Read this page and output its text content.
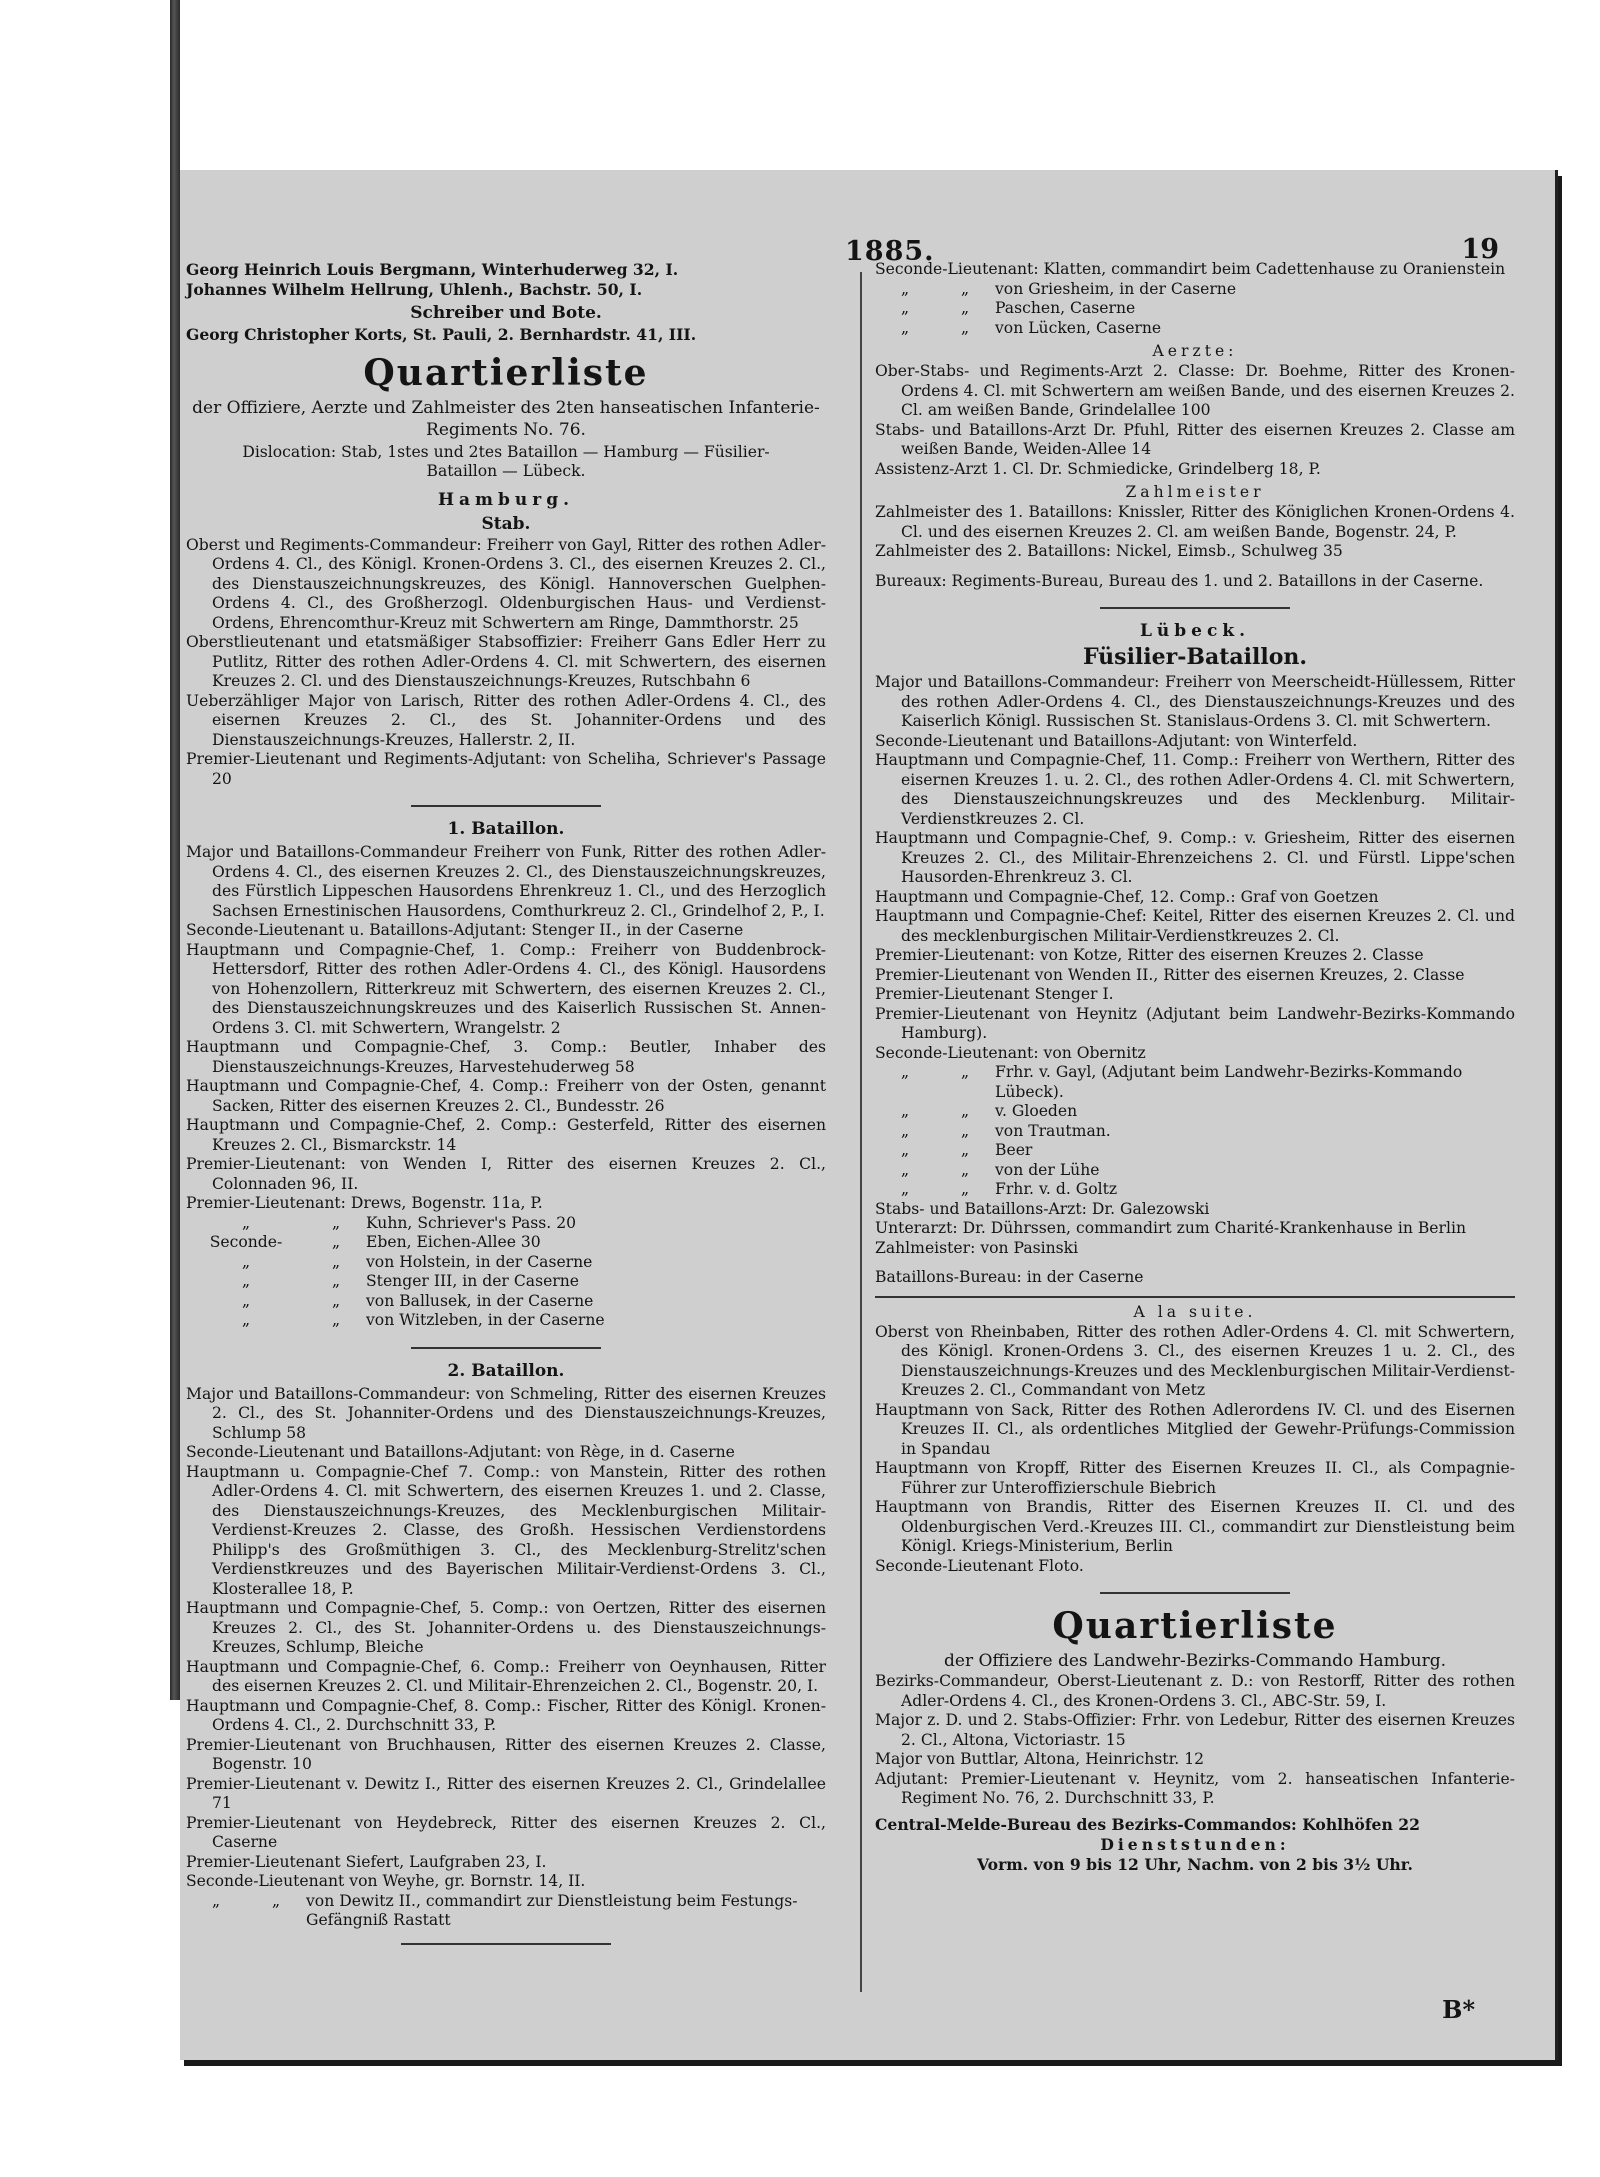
1885.	19

Georg Heinrich Louis Bergmann, Winterhuderweg 32, I.

Johannes Wilhelm Hellrung, Uhlenh., Bachstr. 50, I.

Schreiber und Bote.

Georg Christopher Korts, St. Pauli, 2. Bernhardstr. 41, III.

Quartierliste

der Offiziere, Aerzte und Zahlmeister des 2ten hanseatischen Infanterie-Regiments No. 76.

Dislocation: Stab, 1stes und 2tes Bataillon — Hamburg — Füsilier-Bataillon — Lübeck.

Hamburg.

Stab.

Oberst und Regiments-Commandeur: Freiherr von Gayl, Ritter des rothen Adler-Ordens 4. Cl., des Königl. Kronen-Ordens 3. Cl., des eisernen Kreuzes 2. Cl., des Dienstauszeichnungskreuzes, des Königl. Hannoverschen Guelphen-Ordens 4. Cl., des Großherzogl. Oldenburgischen Haus- und Verdienst-Ordens, Ehrencomthur-Kreuz mit Schwertern am Ringe, Dammthorstr. 25

Oberstlieutenant und etatsmäßiger Stabsoffizier: Freiherr Gans Edler Herr zu Putlitz, Ritter des rothen Adler-Ordens 4. Cl. mit Schwertern, des eisernen Kreuzes 2. Cl. und des Dienstauszeichnungs-Kreuzes, Rutschbahn 6

Ueberzähliger Major von Larisch, Ritter des rothen Adler-Ordens 4. Cl., des eisernen Kreuzes 2. Cl., des St. Johanniter-Ordens und des Dienstauszeichnungs-Kreuzes, Hallerstr. 2, II.

Premier-Lieutenant und Regiments-Adjutant: von Scheliha, Schriever's Passage 20

1. Bataillon.

Major und Bataillons-Commandeur Freiherr von Funk, Ritter des rothen Adler-Ordens 4. Cl., des eisernen Kreuzes 2. Cl., des Dienstauszeichnungskreuzes, des Fürstlich Lippeschen Hausordens Ehrenkreuz 1. Cl., und des Herzoglich Sachsen Ernestinischen Hausordens, Comthurkreuz 2. Cl., Grindelhof 2, P., I.

Seconde-Lieutenant u. Bataillons-Adjutant: Stenger II., in der Caserne

Hauptmann und Compagnie-Chef, 1. Comp.: Freiherr von Buddenbrock-Hettersdorf, Ritter des rothen Adler-Ordens 4. Cl., des Königl. Hausordens von Hohenzollern, Ritterkreuz mit Schwertern, des eisernen Kreuzes 2. Cl., des Dienstauszeichnungskreuzes und des Kaiserlich Russischen St. Annen-Ordens 3. Cl. mit Schwertern, Wrangelstr. 2

Hauptmann und Compagnie-Chef, 3. Comp.: Beutler, Inhaber des Dienstauszeichnungs-Kreuzes, Harvestehuderweg 58

Hauptmann und Compagnie-Chef, 4. Comp.: Freiherr von der Osten, genannt Sacken, Ritter des eisernen Kreuzes 2. Cl., Bundesstr. 26

Hauptmann und Compagnie-Chef, 2. Comp.: Gesterfeld, Ritter des eisernen Kreuzes 2. Cl., Bismarckstr. 14

Premier-Lieutenant: von Wenden I, Ritter des eisernen Kreuzes 2. Cl., Colonnaden 96, II.

Premier-Lieutenant: Drews, Bogenstr. 11a, P.

„	„	Kuhn, Schriever's Pass. 20
Seconde-	„	Eben, Eichen-Allee 30
„	„	von Holstein, in der Caserne
„	„	Stenger III, in der Caserne
„	„	von Ballusek, in der Caserne
„	„	von Witzleben, in der Caserne

2. Bataillon.

Major und Bataillons-Commandeur: von Schmeling, Ritter des eisernen Kreuzes 2. Cl., des St. Johanniter-Ordens und des Dienstauszeichnungs-Kreuzes, Schlump 58

Seconde-Lieutenant und Bataillons-Adjutant: von Rège, in d. Caserne

Hauptmann u. Compagnie-Chef 7. Comp.: von Manstein, Ritter des rothen Adler-Ordens 4. Cl. mit Schwertern, des eisernen Kreuzes 1. und 2. Classe, des Dienstauszeichnungs-Kreuzes, des Mecklenburgischen Militair-Verdienst-Kreuzes 2. Classe, des Großh. Hessischen Verdienstordens Philipp's des Großmüthigen 3. Cl., des Mecklenburg-Strelitz'schen Verdienstkreuzes und des Bayerischen Militair-Verdienst-Ordens 3. Cl., Klosterallee 18, P.

Hauptmann und Compagnie-Chef, 5. Comp.: von Oertzen, Ritter des eisernen Kreuzes 2. Cl., des St. Johanniter-Ordens u. des Dienstauszeichnungs-Kreuzes, Schlump, Bleiche

Hauptmann und Compagnie-Chef, 6. Comp.: Freiherr von Oeynhausen, Ritter des eisernen Kreuzes 2. Cl. und Militair-Ehrenzeichen 2. Cl., Bogenstr. 20, I.

Hauptmann und Compagnie-Chef, 8. Comp.: Fischer, Ritter des Königl. Kronen-Ordens 4. Cl., 2. Durchschnitt 33, P.

Premier-Lieutenant von Bruchhausen, Ritter des eisernen Kreuzes 2. Classe, Bogenstr. 10

Premier-Lieutenant v. Dewitz I., Ritter des eisernen Kreuzes 2. Cl., Grindelallee 71

Premier-Lieutenant von Heydebreck, Ritter des eisernen Kreuzes 2. Cl., Caserne

Premier-Lieutenant Siefert, Laufgraben 23, I.

Seconde-Lieutenant von Weyhe, gr. Bornstr. 14, II.

„	„	von Dewitz II., commandirt zur Dienstleistung beim Festungs-Gefängniß Rastatt

Seconde-Lieutenant: Klatten, commandirt beim Cadettenhause zu Oranienstein

„	„	von Griesheim, in der Caserne
„	„	Paschen, Caserne
„	„	von Lücken, Caserne

Aerzte:

Ober-Stabs- und Regiments-Arzt 2. Classe: Dr. Boehme, Ritter des Kronen-Ordens 4. Cl. mit Schwertern am weißen Bande, und des eisernen Kreuzes 2. Cl. am weißen Bande, Grindelallee 100

Stabs- und Bataillons-Arzt Dr. Pfuhl, Ritter des eisernen Kreuzes 2. Classe am weißen Bande, Weiden-Allee 14

Assistenz-Arzt 1. Cl. Dr. Schmiedicke, Grindelberg 18, P.

Zahlmeister

Zahlmeister des 1. Bataillons: Knissler, Ritter des Königlichen Kronen-Ordens 4. Cl. und des eisernen Kreuzes 2. Cl. am weißen Bande, Bogenstr. 24, P.

Zahlmeister des 2. Bataillons: Nickel, Eimsb., Schulweg 35

Bureaux: Regiments-Bureau, Bureau des 1. und 2. Bataillons in der Caserne.

Lübeck.

Füsilier-Bataillon.

Major und Bataillons-Commandeur: Freiherr von Meerscheidt-Hüllessem, Ritter des rothen Adler-Ordens 4. Cl., des Dienstauszeichnungs-Kreuzes und des Kaiserlich Königl. Russischen St. Stanislaus-Ordens 3. Cl. mit Schwertern.

Seconde-Lieutenant und Bataillons-Adjutant: von Winterfeld.

Hauptmann und Compagnie-Chef, 11. Comp.: Freiherr von Werthern, Ritter des eisernen Kreuzes 1. u. 2. Cl., des rothen Adler-Ordens 4. Cl. mit Schwertern, des Dienstauszeichnungskreuzes und des Mecklenburg. Militair-Verdienstkreuzes 2. Cl.

Hauptmann und Compagnie-Chef, 9. Comp.: v. Griesheim, Ritter des eisernen Kreuzes 2. Cl., des Militair-Ehrenzeichens 2. Cl. und Fürstl. Lippe'schen Hausorden-Ehrenkreuz 3. Cl.

Hauptmann und Compagnie-Chef, 12. Comp.: Graf von Goetzen

Hauptmann und Compagnie-Chef: Keitel, Ritter des eisernen Kreuzes 2. Cl. und des mecklenburgischen Militair-Verdienstkreuzes 2. Cl.

Premier-Lieutenant: von Kotze, Ritter des eisernen Kreuzes 2. Classe

Premier-Lieutenant von Wenden II., Ritter des eisernen Kreuzes, 2. Classe

Premier-Lieutenant Stenger I.

Premier-Lieutenant von Heynitz (Adjutant beim Landwehr-Bezirks-Kommando Hamburg).

Seconde-Lieutenant: von Obernitz

„	„	Frhr. v. Gayl, (Adjutant beim Landwehr-Bezirks-Kommando Lübeck).
„	„	v. Gloeden
„	„	von Trautman.
„	„	Beer
„	„	von der Lühe
„	„	Frhr. v. d. Goltz

Stabs- und Bataillons-Arzt: Dr. Galezowski

Unterarzt: Dr. Dührssen, commandirt zum Charité-Krankenhause in Berlin

Zahlmeister: von Pasinski

Bataillons-Bureau: in der Caserne

A la suite.

Oberst von Rheinbaben, Ritter des rothen Adler-Ordens 4. Cl. mit Schwertern, des Königl. Kronen-Ordens 3. Cl., des eisernen Kreuzes 1 u. 2. Cl., des Dienstauszeichnungs-Kreuzes und des Mecklenburgischen Militair-Verdienst-Kreuzes 2. Cl., Commandant von Metz

Hauptmann von Sack, Ritter des Rothen Adlerordens IV. Cl. und des Eisernen Kreuzes II. Cl., als ordentliches Mitglied der Gewehr-Prüfungs-Commission in Spandau

Hauptmann von Kropff, Ritter des Eisernen Kreuzes II. Cl., als Compagnie-Führer zur Unteroffizierschule Biebrich

Hauptmann von Brandis, Ritter des Eisernen Kreuzes II. Cl. und des Oldenburgischen Verd.-Kreuzes III. Cl., commandirt zur Dienstleistung beim Königl. Kriegs-Ministerium, Berlin

Seconde-Lieutenant Floto.

Quartierliste

der Offiziere des Landwehr-Bezirks-Commando Hamburg.

Bezirks-Commandeur, Oberst-Lieutenant z. D.: von Restorff, Ritter des rothen Adler-Ordens 4. Cl., des Kronen-Ordens 3. Cl., ABC-Str. 59, I.

Major z. D. und 2. Stabs-Offizier: Frhr. von Ledebur, Ritter des eisernen Kreuzes 2. Cl., Altona, Victoriastr. 15

Major von Buttlar, Altona, Heinrichstr. 12

Adjutant: Premier-Lieutenant v. Heynitz, vom 2. hanseatischen Infanterie-Regiment No. 76, 2. Durchschnitt 33, P.

Central-Melde-Bureau des Bezirks-Commandos: Kohlhöfen 22

Dienststunden:

Vorm. von 9 bis 12 Uhr, Nachm. von 2 bis 3½ Uhr.

B*
